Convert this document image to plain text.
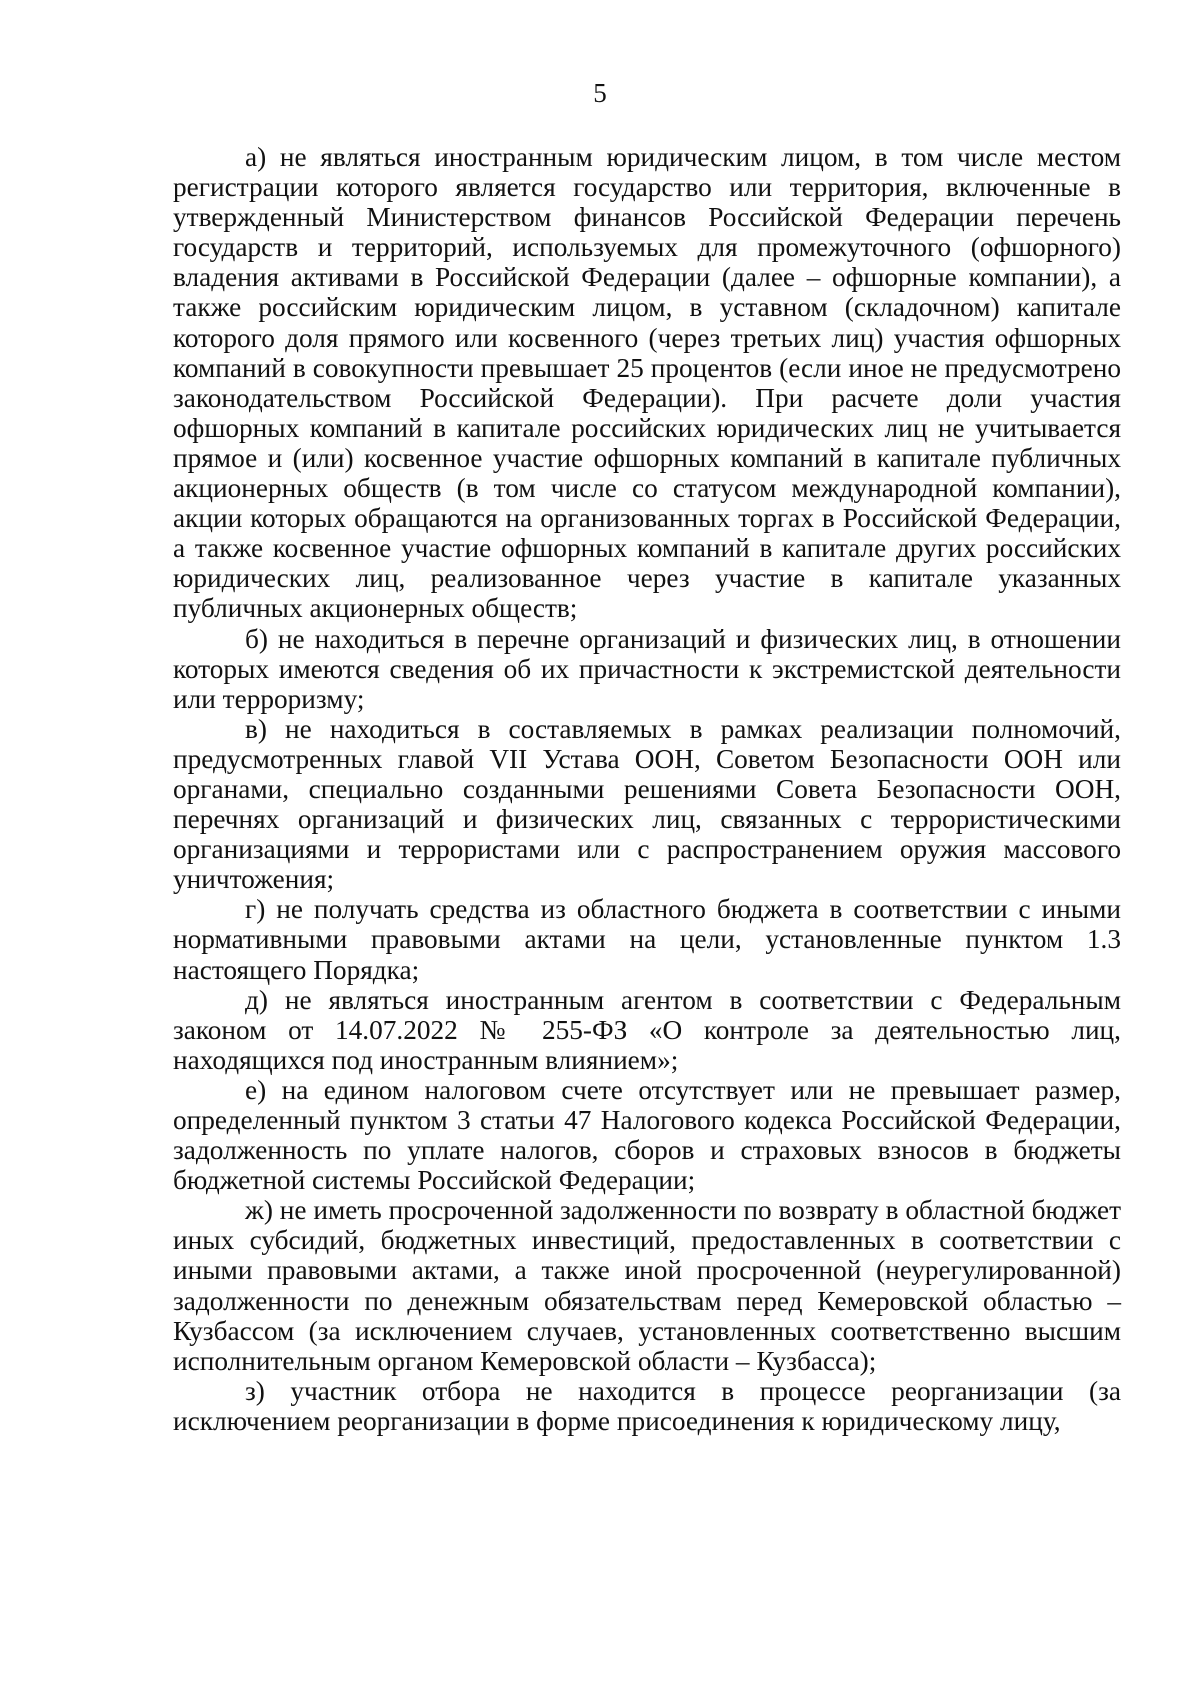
5

а) не являться иностранным юридическим лицом, в том числе местом регистрации которого является государство или территория, включенные в утвержденный Министерством финансов Российской Федерации перечень государств и территорий, используемых для промежуточного (офшорного) владения активами в Российской Федерации (далее – офшорные компании), а также российским юридическим лицом, в уставном (складочном) капитале которого доля прямого или косвенного (через третьих лиц) участия офшорных компаний в совокупности превышает 25 процентов (если иное не предусмотрено законодательством Российской Федерации). При расчете доли участия офшорных компаний в капитале российских юридических лиц не учитывается прямое и (или) косвенное участие офшорных компаний в капитале публичных акционерных обществ (в том числе со статусом международной компании), акции которых обращаются на организованных торгах в Российской Федерации, а также косвенное участие офшорных компаний в капитале других российских юридических лиц, реализованное через участие в капитале указанных публичных акционерных обществ;

б) не находиться в перечне организаций и физических лиц, в отношении которых имеются сведения об их причастности к экстремистской деятельности или терроризму;

в) не находиться в составляемых в рамках реализации полномочий, предусмотренных главой VII Устава ООН, Советом Безопасности ООН или органами, специально созданными решениями Совета Безопасности ООН, перечнях организаций и физических лиц, связанных с террористическими организациями и террористами или с распространением оружия массового уничтожения;

г) не получать средства из областного бюджета в соответствии с иными нормативными правовыми актами на цели, установленные пунктом 1.3 настоящего Порядка;

д) не являться иностранным агентом в соответствии с Федеральным законом от 14.07.2022 № 255-ФЗ «О контроле за деятельностью лиц, находящихся под иностранным влиянием»;

е) на едином налоговом счете отсутствует или не превышает размер, определенный пунктом 3 статьи 47 Налогового кодекса Российской Федерации, задолженность по уплате налогов, сборов и страховых взносов в бюджеты бюджетной системы Российской Федерации;

ж) не иметь просроченной задолженности по возврату в областной бюджет иных субсидий, бюджетных инвестиций, предоставленных в соответствии с иными правовыми актами, а также иной просроченной (неурегулированной) задолженности по денежным обязательствам перед Кемеровской областью – Кузбассом (за исключением случаев, установленных соответственно высшим исполнительным органом Кемеровской области – Кузбасса);

з) участник отбора не находится в процессе реорганизации (за исключением реорганизации в форме присоединения к юридическому лицу,
